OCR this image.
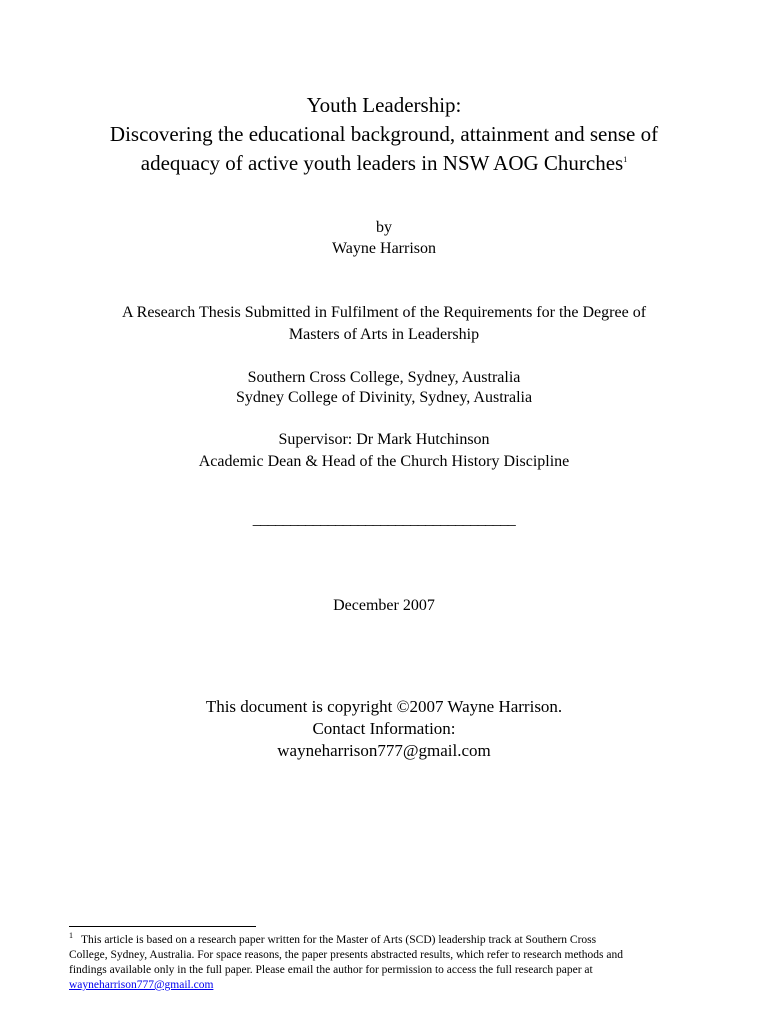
Youth Leadership:
Discovering the educational background, attainment and sense of
adequacy of active youth leaders in NSW AOG Churches$^1$
by
Wayne Harrison
A Research Thesis Submitted in Fulfilment of the Requirements for the Degree of
Masters of Arts in Leadership
Southern Cross College, Sydney, Australia
Sydney College of Divinity, Sydney, Australia
Supervisor: Dr Mark Hutchinson
Academic Dean & Head of the Church History Discipline
___________________________________
December 2007
This document is copyright ©2007 Wayne Harrison.
Contact Information:
wayneharrison777@gmail.com
$^1$ This article is based on a research paper written for the Master of Arts (SCD) leadership track at Southern Cross
College, Sydney, Australia. For space reasons, the paper presents abstracted results, which refer to research methods and
findings available only in the full paper. Please email the author for permission to access the full research paper at
wayneharrison777@gmail.com
